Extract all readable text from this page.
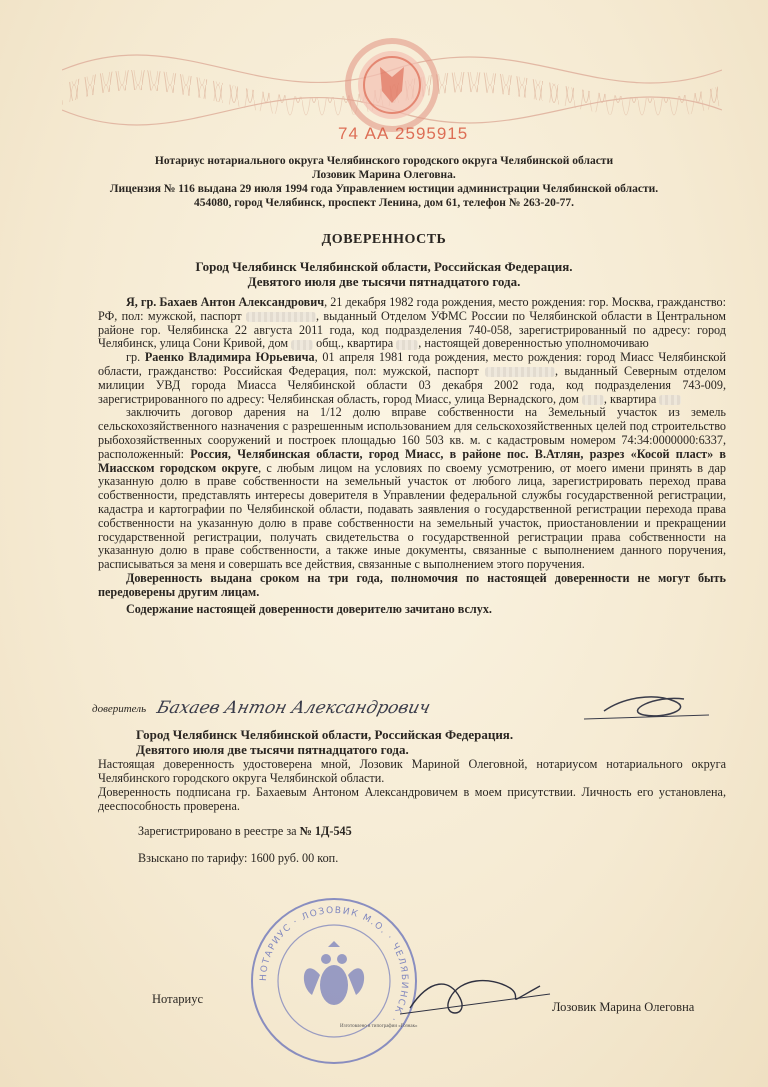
74 АА 2595915
Нотариус нотариального округа Челябинского городского округа Челябинской области
Лозовик Марина Олеговна.
Лицензия № 116 выдана 29 июля 1994 года Управлением юстиции администрации Челябинской области.
454080, город Челябинск, проспект Ленина, дом 61, телефон № 263-20-77.
ДОВЕРЕННОСТЬ
Город Челябинск Челябинской области, Российская Федерация.
Девятого июля две тысячи пятнадцатого года.

Я, гр. Бахаев Антон Александрович, 21 декабря 1982 года рождения, место рождения: гор. Москва, гражданство: РФ, пол: мужской, паспорт	, выданный Отделом УФМС России по Челябинской области в Центральном районе гор. Челябинска 22 августа 2011 года, код подразделения 740-058, зарегистрированный по адресу: город Челябинск, улица Сони Кривой, дом общ., квартира , настоящей доверенностью уполномочиваю

гр. Раенко Владимира Юрьевича, 01 апреля 1981 года рождения, место рождения: город Миасс Челябинской области, гражданство: Российская Федерация, пол: мужской, паспорт	, выданный Северным отделом милиции УВД города Миасса Челябинской области 03 декабря 2002 года, код подразделения 743-009, зарегистрированного по адресу: Челябинская область, город Миасс, улица Вернадского, дом , квартира

заключить договор дарения на 1/12 долю вправе собственности на Земельный участок из земель сельскохозяйственного назначения с разрешенным использованием для сельскохозяйственных целей под строительство рыбохозяйственных сооружений и построек площадью 160 503 кв. м. с кадастровым номером 74:34:0000000:6337, расположенный: Россия, Челябинская области, город Миасс, в районе пос. В.Атлян, разрез «Косой пласт» в Миасском городском округе, с любым лицом на условиях по своему усмотрению, от моего имени принять в дар указанную долю в праве собственности на земельный участок от любого лица, зарегистрировать переход права собственности, представлять интересы доверителя в Управлении федеральной службы государственной регистрации, кадастра и картографии по Челябинской области, подавать заявления о государственной регистрации перехода права собственности на указанную долю в праве собственности на земельный участок, приостановлении и прекращении государственной регистрации, получать свидетельства о государственной регистрации права собственности на указанную долю в праве собственности, а также иные документы, связанные с выполнением данного поручения, расписываться за меня и совершать все действия, связанные с выполнением этого поручения.

Доверенность выдана сроком на три года, полномочия по настоящей доверенности не могут быть передоверены другим лицам.

Содержание настоящей доверенности доверителю зачитано вслух.

доверитель Бахаев Антон Александрович
Город Челябинск Челябинской области, Российская Федерация.
Девятого июля две тысячи пятнадцатого года.

Настоящая доверенность удостоверена мной, Лозовик Мариной Олеговной, нотариусом нотариального округа Челябинского городского округа Челябинской области.

Доверенность подписана гр. Бахаевым Антоном Александровичем в моем присутствии. Личность его установлена, дееспособность проверена.

Зарегистрировано в реестре за № 1Д-545
Взыскано по тарифу: 1600 руб. 00 коп.
НОТАРИУС · ЛОЗОВИК М.О. · ЧЕЛЯБИНСК ·
Нотариус
Лозовик Марина Олеговна
Изготовлено в типографии «Гознак»
